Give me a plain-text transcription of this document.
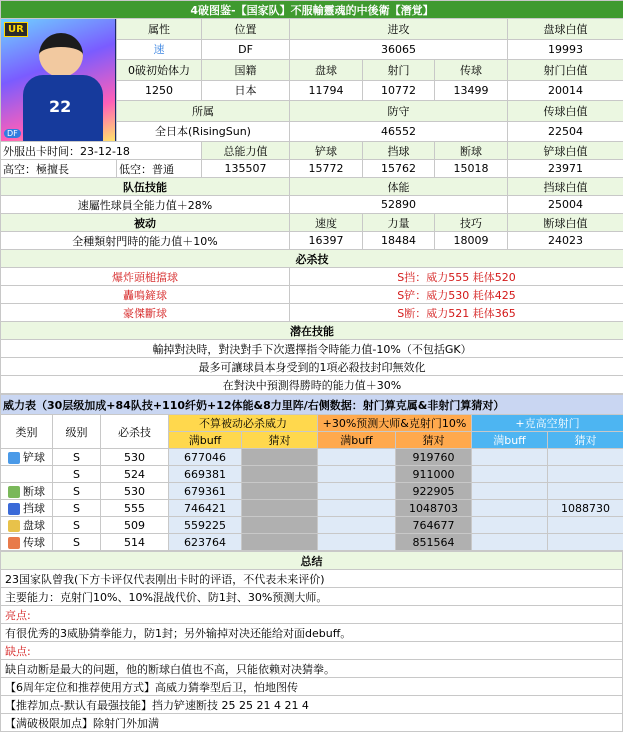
4破图鉴-【国家队】不服輸靈魂的中後衛【潛覚】						

UR
22
DF	属性	位置	进攻			盘球白值
	速	DF	36065			19993
	0破初始体力	国籍	盘球	射门	传球	射门白值
	1250	日本	11794	10772	13499	20014
	所属		防守			传球白值
	全日本(RisingSun)		46552			22504
外服出卡时间：23-12-18		总能力值	铲球	挡球	断球	铲球白值
高空：極擅長	低空：普通	135507	15772	15762	15018	23971
队伍技能			体能			挡球白值
速屬性球員全能力值＋28%			52890			25004
被动			速度	力量	技巧	断球白值
全種類射門時的能力值＋10%			16397	18484	18009	24023
必杀技						
爆炸頭槌擋球			S挡：威力555 耗体520			
轟鳴鏟球			S铲：威力530 耗体425			
豪傑斷球			S断：威力521 耗体365			
潜在技能						
輸掉對決時，對決對手下次選擇指令時能力值-10%（不包括GK）						
最多可讓球員本身受到的1項必殺技封印無效化						
在對決中預測得勝時的能力值＋30%						
威力表（30层级加成+84队技+110纤奶+12体能&8力里阵/右侧数据：射门算克属&非射门算猜对）								
类别	级别	必杀技	不算被动必杀威力		+30%预测大师&克射门10%		+克高空射门	
			满buff	猜对	满buff	猜对	满buff	猜对
铲球	S	530	677046			919760		
	S	524	669381			911000		
断球	S	530	679361			922905		
挡球	S	555	746421			1048703		1088730
盘球	S	509	559225			764677		
传球	S	514	623764			851564		
总结
23国家队曾我(下方卡评仅代表刚出卡时的评语，不代表未来评价)
主要能力：克射门10%、10%混战代价、防1封、30%预测大师。
亮点:
有很优秀的3威胁猜拳能力，防1封；另外输掉对决还能给对面debuff。
缺点:
缺自动断是最大的问题，他的断球白值也不高，只能依赖对决猜拳。
【6周年定位和推荐使用方式】高威力猜拳型后卫，怕地图传
【推荐加点-默认有最强技能】挡力铲速断技 25 25 21 4 21 4
【满破极限加点】除射门外加满
